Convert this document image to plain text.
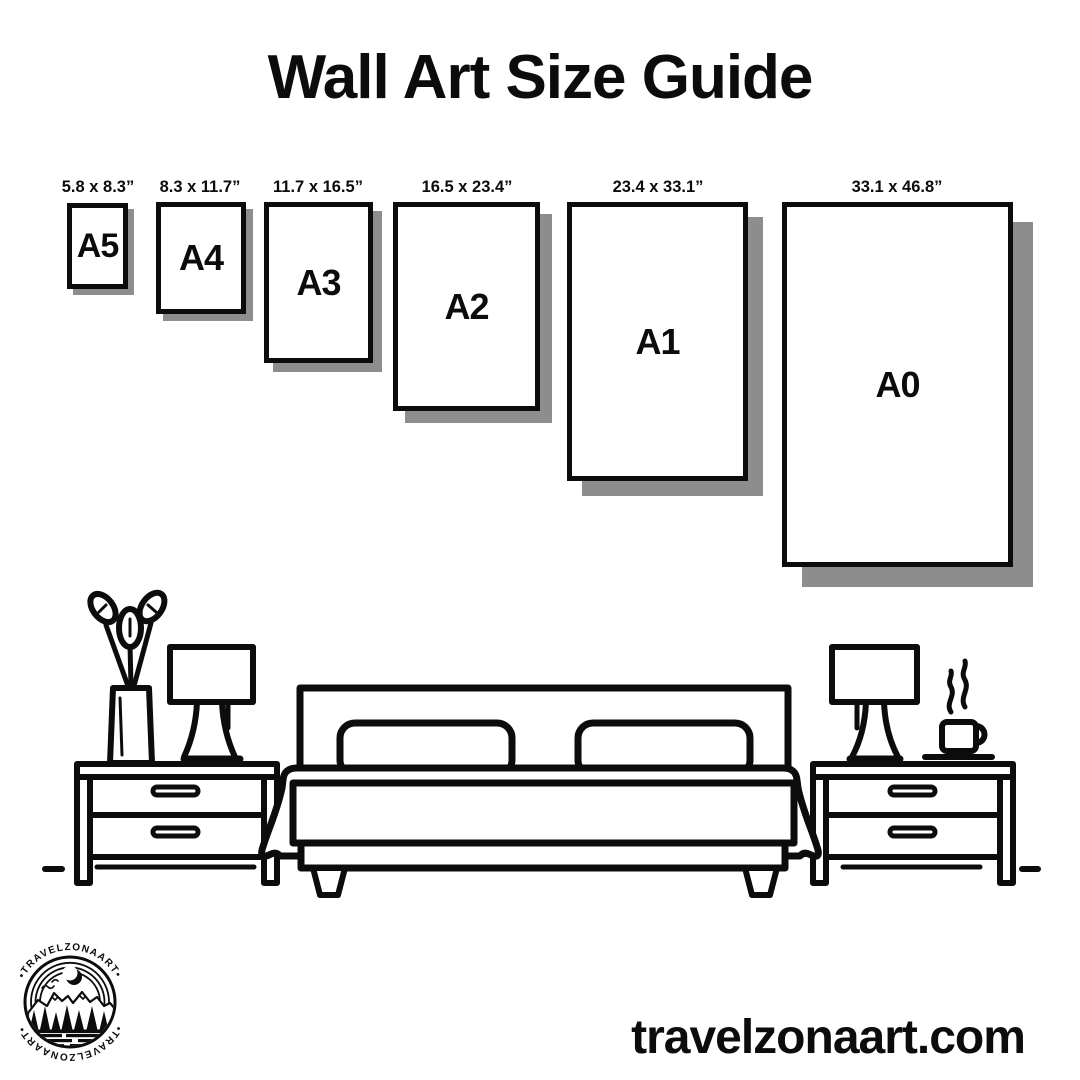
Wall Art Size Guide
5.8 x 8.3”	8.3 x 11.7”	11.7 x 16.5”	16.5 x 23.4”	23.4 x 33.1”	33.1 x 46.8”
A5 A4
A3
A2
A1
A0
•TRAVELZONAART•
•TRAVELZONAART•	travelzonaart.com
